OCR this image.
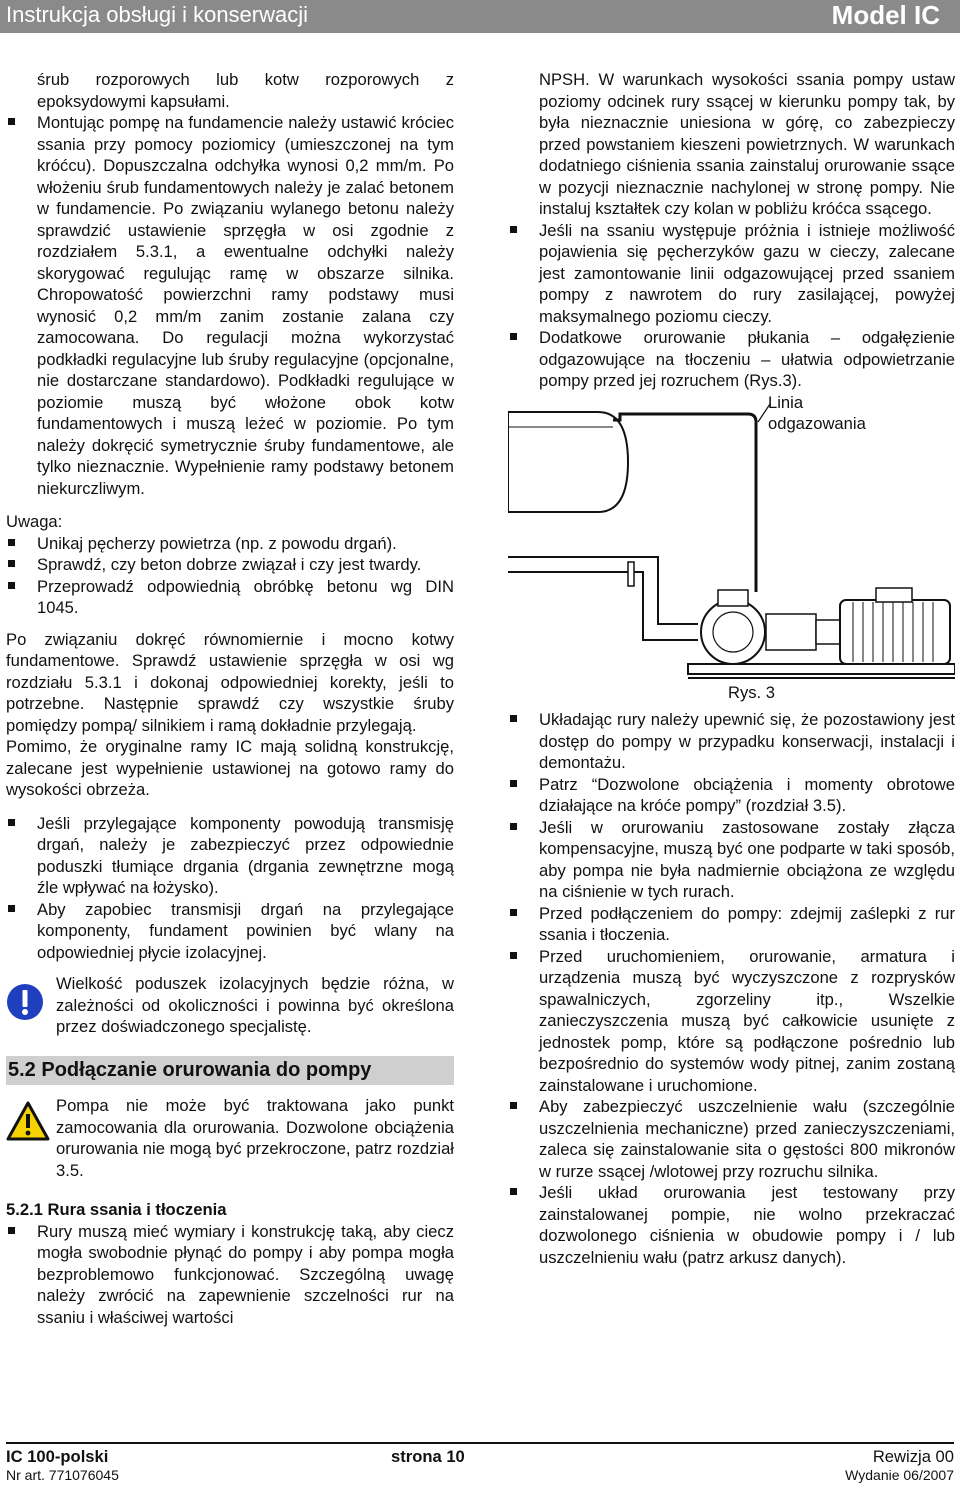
Instrukcja obsługi i konserwacji	Model IC

śrub rozporowych lub kotw rozporowych z epoksydowymi kapsułami.

Montując pompę na fundamencie należy ustawić króciec ssania przy pomocy poziomicy (umieszczonej na tym króćcu). Dopuszczalna odchyłka wynosi 0,2 mm/m. Po włożeniu śrub fundamentowych należy je zalać betonem w fundamencie. Po związaniu wylanego betonu należy sprawdzić ustawienie sprzęgła w osi zgodnie z rozdziałem 5.3.1, a ewentualne odchyłki należy skorygować regulując ramę w obszarze silnika. Chropowatość powierzchni ramy podstawy musi wynosić 0,2 mm/m zanim zostanie zalana czy zamocowana. Do regulacji można wykorzystać podkładki regulacyjne lub śruby regulacyjne (opcjonalne, nie dostarczane standardowo). Podkładki regulujące w poziomie muszą być włożone obok kotw fundamentowych i muszą leżeć w poziomie. Po tym należy dokręcić symetrycznie śruby fundamentowe, ale tylko nieznacznie. Wypełnienie ramy podstawy betonem niekurczliwym.

Uwaga:

Unikaj pęcherzy powietrza (np. z powodu drgań).

Sprawdź, czy beton dobrze związał i czy jest twardy.

Przeprowadź odpowiednią obróbkę betonu wg DIN 1045.

Po związaniu dokręć równomiernie i mocno kotwy fundamentowe. Sprawdź ustawienie sprzęgła w osi wg rozdziału 5.3.1 i dokonaj odpowiedniej korekty, jeśli to potrzebne. Następnie sprawdź czy wszystkie śruby pomiędzy pompą/ silnikiem i ramą dokładnie przylegają.

Pomimo, że oryginalne ramy IC mają solidną konstrukcję, zalecane jest wypełnienie ustawionej na gotowo ramy do wysokości obrzeża.

Jeśli przylegające komponenty powodują transmisję drgań, należy je zabezpieczyć przez odpowiednie poduszki tłumiące drgania (drgania zewnętrzne mogą źle wpływać na łożysko).

Aby zapobiec transmisji drgań na przylegające komponenty, fundament powinien być wlany na odpowiedniej płycie izolacyjnej.

Wielkość poduszek izolacyjnych będzie różna, w zależności od okoliczności i powinna być określona przez doświadczonego specjalistę.

5.2 Podłączanie orurowania do pompy

Pompa nie może być traktowana jako punkt zamocowania dla orurowania. Dozwolone obciążenia orurowania nie mogą być przekroczone, patrz rozdział 3.5.

5.2.1 Rura ssania i tłoczenia

Rury muszą mieć wymiary i konstrukcję taką, aby ciecz mogła swobodnie płynąć do pompy i aby pompa mogła bezproblemowo funkcjonować. Szczególną uwagę należy zwrócić na zapewnienie szczelności rur na ssaniu i właściwej wartości

NPSH. W warunkach wysokości ssania pompy ustaw poziomy odcinek rury ssącej w kierunku pompy tak, by była nieznacznie uniesiona w górę, co zabezpieczy przed powstaniem kieszeni powietrznych. W warunkach dodatniego ciśnienia ssania zainstaluj orurowanie ssące w pozycji nieznacznie nachylonej w stronę pompy. Nie instaluj kształtek czy kolan w pobliżu króćca ssącego.

Jeśli na ssaniu występuje próżnia i istnieje możliwość pojawienia się pęcherzyków gazu w cieczy, zalecane jest zamontowanie linii odgazowującej przed ssaniem pompy z nawrotem do rury zasilającej, powyżej maksymalnego poziomu cieczy.

Dodatkowe orurowanie płukania – odgałęzienie odgazowujące na tłoczeniu – ułatwia odpowietrzanie pompy przed jej rozruchem (Rys.3).

Linia
odgazowania

Rys. 3

Układając rury należy upewnić się, że pozostawiony jest dostęp do pompy w przypadku konserwacji, instalacji i demontażu.

Patrz “Dozwolone obciążenia i momenty obrotowe działające na króće pompy” (rozdział 3.5).

Jeśli w orurowaniu zastosowane zostały złącza kompensacyjne, muszą być one podparte w taki sposób, aby pompa nie była nadmiernie obciążona ze względu na ciśnienie w tych rurach.

Przed podłączeniem do pompy: zdejmij zaślepki z rur ssania i tłoczenia.

Przed uruchomieniem, orurowanie, armatura i urządzenia muszą być wyczyszczone z rozprysków spawalniczych, zgorzeliny itp., Wszelkie zanieczyszczenia muszą być całkowicie usunięte z jednostek pomp, które są podłączone pośrednio lub bezpośrednio do systemów wody pitnej, zanim zostaną zainstalowane i uruchomione.

Aby zabezpieczyć uszczelnienie wału (szczególnie uszczelnienia mechaniczne) przed zanieczyszczeniami, zaleca się zainstalowanie sita o gęstości 800 mikronów w rurze ssącej /wlotowej przy rozruchu silnika.

Jeśli układ orurowania jest testowany przy zainstalowanej pompie, nie wolno przekraczać dozwolonego ciśnienia w obudowie pompy i / lub uszczelnieniu wału (patrz arkusz danych).

IC 100-polski	strona 10	Rewizja 00
Nr art. 771076045	Wydanie 06/2007
